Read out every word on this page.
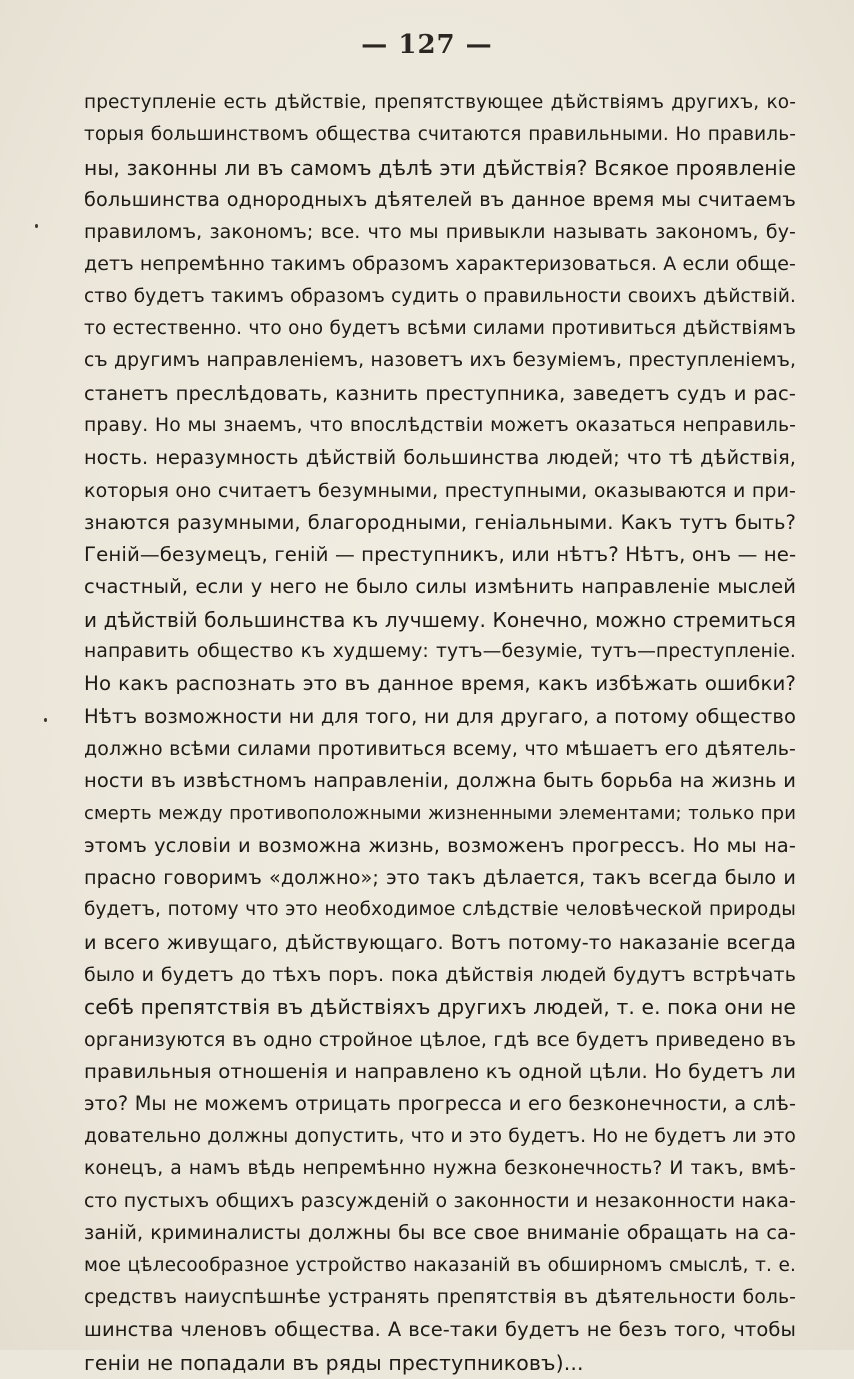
— 127 —
преступленіе есть дѣйствіе, препятствующее дѣйствіямъ другихъ, ко-
торыя большинствомъ общества считаются правильными. Но правиль-
ны, законны ли въ самомъ дѣлѣ эти дѣйствія? Всякое проявленіе
большинства однородныхъ дѣятелей въ данное время мы считаемъ
правиломъ, закономъ; все. что мы привыкли называть закономъ, бу-
детъ непремѣнно такимъ образомъ характеризоваться. А если обще-
ство будетъ такимъ образомъ судить о правильности своихъ дѣйствій.
то естественно. что оно будетъ всѣми силами противиться дѣйствіямъ
съ другимъ направленіемъ, назоветъ ихъ безуміемъ, преступленіемъ,
станетъ преслѣдовать, казнить преступника, заведетъ судъ и рас-
праву. Но мы знаемъ, что впослѣдствіи можетъ оказаться неправиль-
ность. неразумность дѣйствій большинства людей; что тѣ дѣйствія,
которыя оно считаетъ безумными, преступными, оказываются и при-
знаются разумными, благородными, геніальными. Какъ тутъ быть?
Геній—безумецъ, геній — преступникъ, или нѣтъ? Нѣтъ, онъ — не-
счастный, если у него не было силы измѣнить направленіе мыслей
и дѣйствій большинства къ лучшему. Конечно, можно стремиться
направить общество къ худшему: тутъ—безуміе, тутъ—преступленіе.
Но какъ распознать это въ данное время, какъ избѣжать ошибки?
Нѣтъ возможности ни для того, ни для другаго, а потому общество
должно всѣми силами противиться всему, что мѣшаетъ его дѣятель-
ности въ извѣстномъ направленіи, должна быть борьба на жизнь и
смерть между противоположными жизненными элементами; только при
этомъ условіи и возможна жизнь, возможенъ прогрессъ. Но мы на-
прасно говоримъ «должно»; это такъ дѣлается, такъ всегда было и
будетъ, потому что это необходимое слѣдствіе человѣческой природы
и всего живущаго, дѣйствующаго. Вотъ потому-то наказаніе всегда
было и будетъ до тѣхъ поръ. пока дѣйствія людей будутъ встрѣчать
себѣ препятствія въ дѣйствіяхъ другихъ людей, т. е. пока они не
организуются въ одно стройное цѣлое, гдѣ все будетъ приведено въ
правильныя отношенія и направлено къ одной цѣли. Но будетъ ли
это? Мы не можемъ отрицать прогресса и его безконечности, а слѣ-
довательно должны допустить, что и это будетъ. Но не будетъ ли это
конецъ, а намъ вѣдь непремѣнно нужна безконечность? И такъ, вмѣ-
сто пустыхъ общихъ разсужденій о законности и незаконности нака-
заній, криминалисты должны бы все свое вниманіе обращать на са-
мое цѣлесообразное устройство наказаній въ обширномъ смыслѣ, т. е.
средствъ наиуспѣшнѣе устранять препятствія въ дѣятельности боль-
шинства членовъ общества. А все-таки будетъ не безъ того, чтобы
геніи не попадали въ ряды преступниковъ)...
